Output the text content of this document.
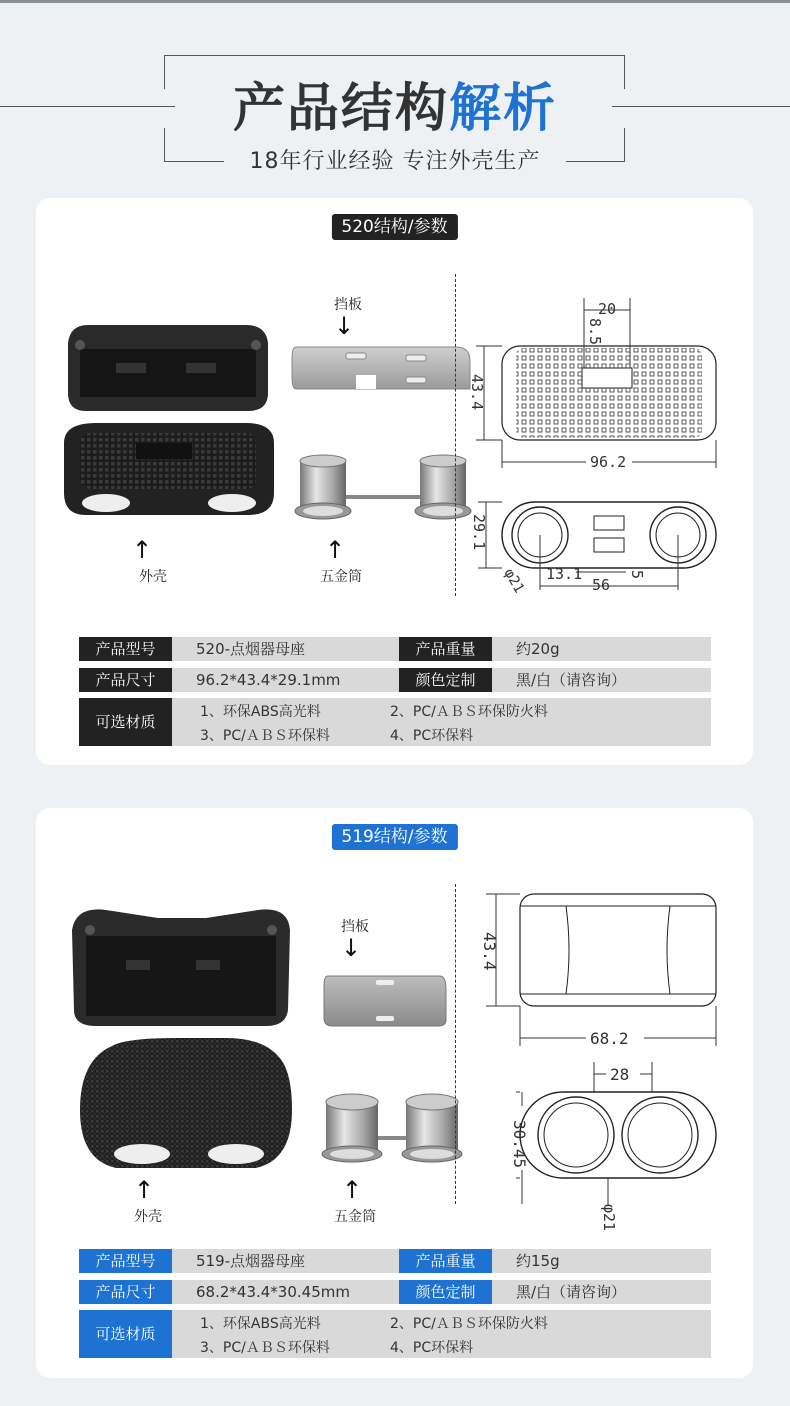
产品结构解析
18年行业经验 专注外壳生产
520结构/参数
挡板
↓
↑
外壳
↑
五金筒
20
8.5
43.4
96.2
29.1
56
13.1	5
φ21
产品型号	520-点烟器母座	产品重量	约20g
产品尺寸	96.2*43.4*29.1mm	颜色定制	黑/白（请咨询）
可选材质
1、环保ABS高光料	2、PC/ＡＢＳ环保防火料
3、PC/ＡＢＳ环保料	4、PC环保料
519结构/参数
挡板
↓
↑
外壳
↑
五金筒
43.4
68.2
28
30.45
φ21
产品型号	519-点烟器母座	产品重量	约15g
产品尺寸	68.2*43.4*30.45mm	颜色定制	黑/白（请咨询）
可选材质
1、环保ABS高光料	2、PC/ＡＢＳ环保防火料
3、PC/ＡＢＳ环保料	4、PC环保料
